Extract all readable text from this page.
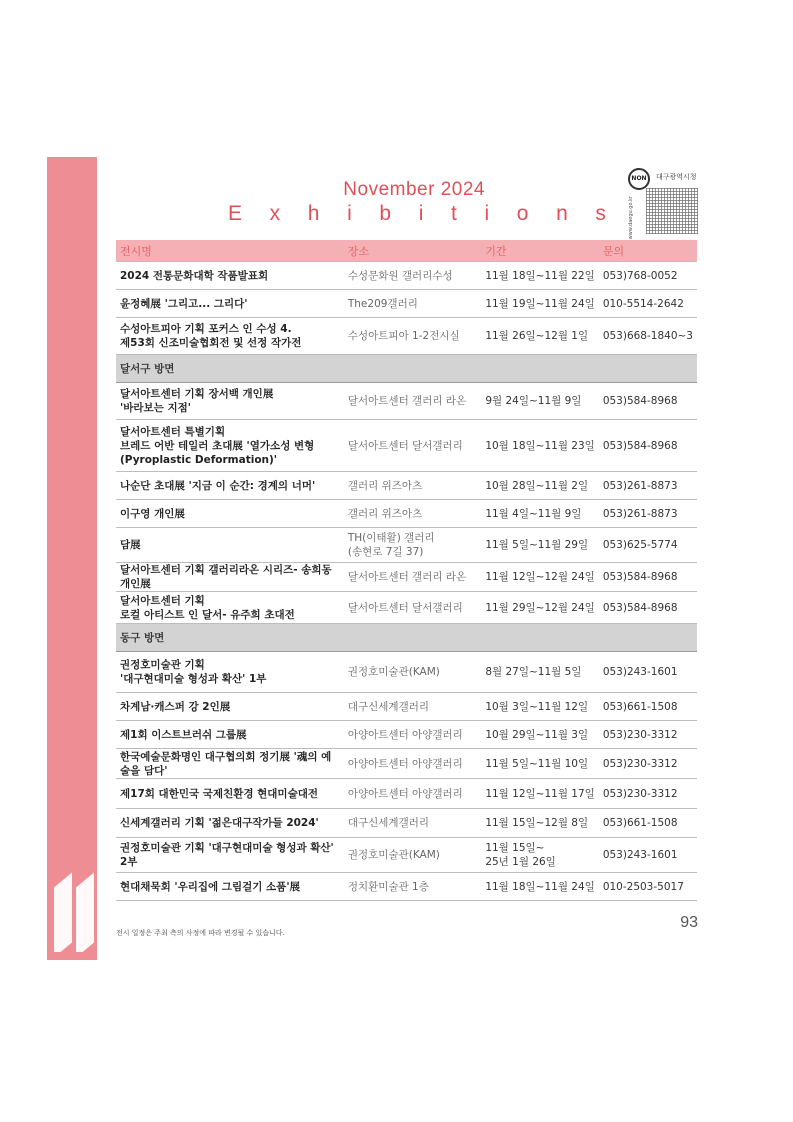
November 2024
E x h i b i t i o n s
NON	대구광역시청
www.daegu.go.kr
전시명	장소	기간	문의

2024 전통문화대학 작품발표회	수성문화원 갤러리수성	11월 18일~11월 22일	053)768-0052

윤정혜展 '그리고... 그리다'	The209갤러리	11월 19일~11월 24일	010-5514-2642

수성아트피아 기획 포커스 인 수성 4.
제53회 신조미술협회전 및 선정 작가전	수성아트피아 1-2전시실	11월 26일~12월 1일	053)668-1840~3
달서구 방면			

달서아트센터 기획 장서백 개인展
'바라보는 지점'	달서아트센터 갤러리 라온	9월 24일~11월 9일	053)584-8968

달서아트센터 특별기획
브레드 어반 테일러 초대展 '열가소성 변형
(Pyroplastic Deformation)'	달서아트센터 달서갤러리	10월 18일~11월 23일	053)584-8968

나순단 초대展 '지금 이 순간: 경계의 너머'	갤러리 위즈아츠	10월 28일~11월 2일	053)261-8873

이구영 개인展	갤러리 위즈아츠	11월 4일~11월 9일	053)261-8873

담展	TH(이태활) 갤러리
(송현로 7길 37)	11월 5일~11월 29일	053)625-5774

달서아트센터 기획 갤러리라온 시리즈- 송희동 개인展	달서아트센터 갤러리 라온	11월 12일~12월 24일	053)584-8968

달서아트센터 기획
로컬 아티스트 인 달서- 유주희 초대전	달서아트센터 달서갤러리	11월 29일~12월 24일	053)584-8968
동구 방면			

권정호미술관 기획
'대구현대미술 형성과 확산' 1부	권정호미술관(KAM)	8월 27일~11월 5일	053)243-1601

차계남·캐스퍼 강 2인展	대구신세계갤러리	10월 3일~11월 12일	053)661-1508

제1회 이스트브러쉬 그룹展	아양아트센터 아양갤러리	10월 29일~11월 3일	053)230-3312

한국예술문화명인 대구협의회 정기展 '魂의 예술을 담다'	아양아트센터 아양갤러리	11월 5일~11월 10일	053)230-3312

제17회 대한민국 국제친환경 현대미술대전	아양아트센터 아양갤러리	11월 12일~11월 17일	053)230-3312

신세계갤러리 기획 '젊은대구작가들 2024'	대구신세계갤러리	11월 15일~12월 8일	053)661-1508

권정호미술관 기획 '대구현대미술 형성과 확산' 2부	권정호미술관(KAM)	11월 15일~
25년 1월 26일	053)243-1601

현대채묵회 '우리집에 그림걸기 소품'展	정치환미술관 1층	11월 18일~11월 24일	010-2503-5017
전시 일정은 주최 측의 사정에 따라 변경될 수 있습니다.
93
